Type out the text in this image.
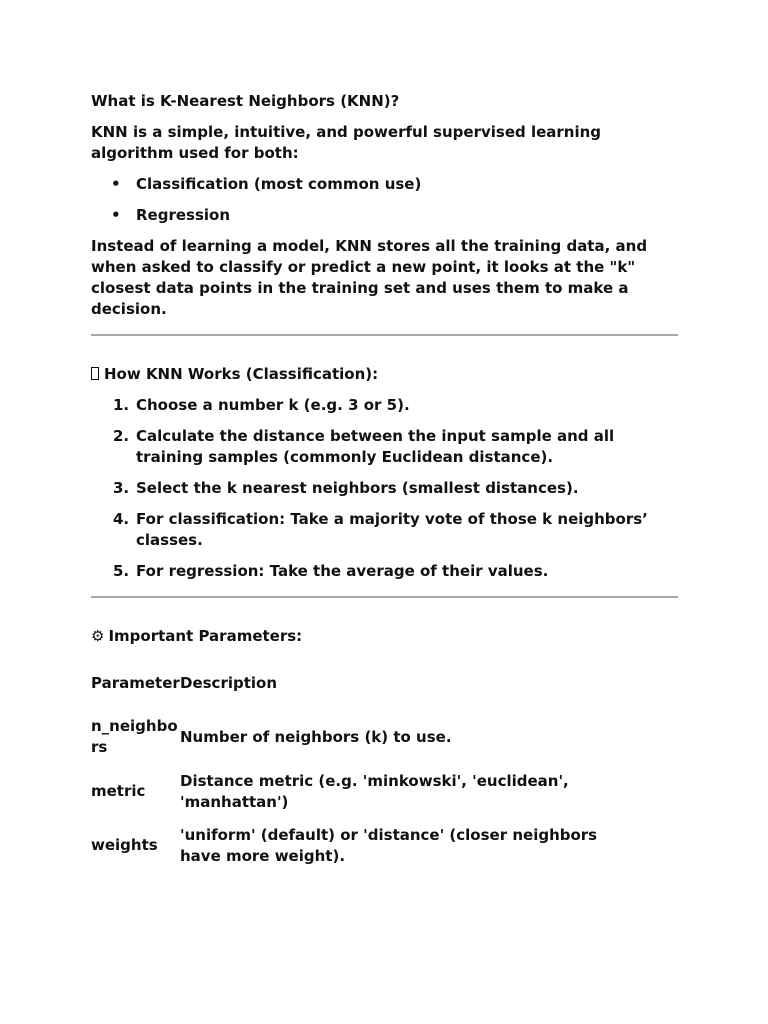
What is K-Nearest Neighbors (KNN)?

KNN is a simple, intuitive, and powerful supervised learning algorithm used for both:

• Classification (most common use)
• Regression

Instead of learning a model, KNN stores all the training data, and when asked to classify or predict a new point, it looks at the "k" closest data points in the training set and uses them to make a decision.

How KNN Works (Classification):

1. Choose a number k (e.g. 3 or 5).
2. Calculate the distance between the input sample and all training samples (commonly Euclidean distance).
3. Select the k nearest neighbors (smallest distances).
4. For classification: Take a majority vote of those k neighbors’ classes.
5. For regression: Take the average of their values.

⚙ Important Parameters:

Parameter	Description
n_neighbors	Number of neighbors (k) to use.
metric	Distance metric (e.g. 'minkowski', 'euclidean', 'manhattan')
weights	'uniform' (default) or 'distance' (closer neighbors have more weight).
